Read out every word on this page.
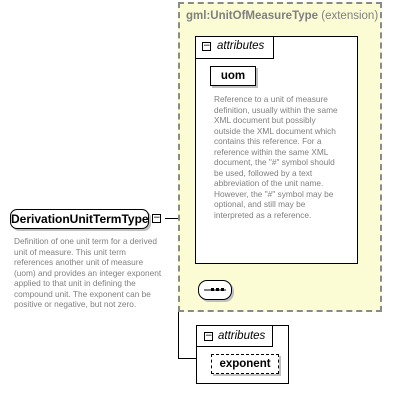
gml:UnitOfMeasureType (extension)
− attributes
uom
Reference to a unit of measure definition, usually within the same XML document but possibly outside the XML document which contains this reference. For a reference within the same XML document, the "#" symbol should be used, followed by a text abbreviation of the unit name. However, the "#" symbol may be optional, and still may be interpreted as a reference.
DerivationUnitTermType −
Definition of one unit term for a derived unit of measure. This unit term references another unit of measure (uom) and provides an integer exponent applied to that unit in defining the compound unit. The exponent can be positive or negative, but not zero.
− attributes
exponent
